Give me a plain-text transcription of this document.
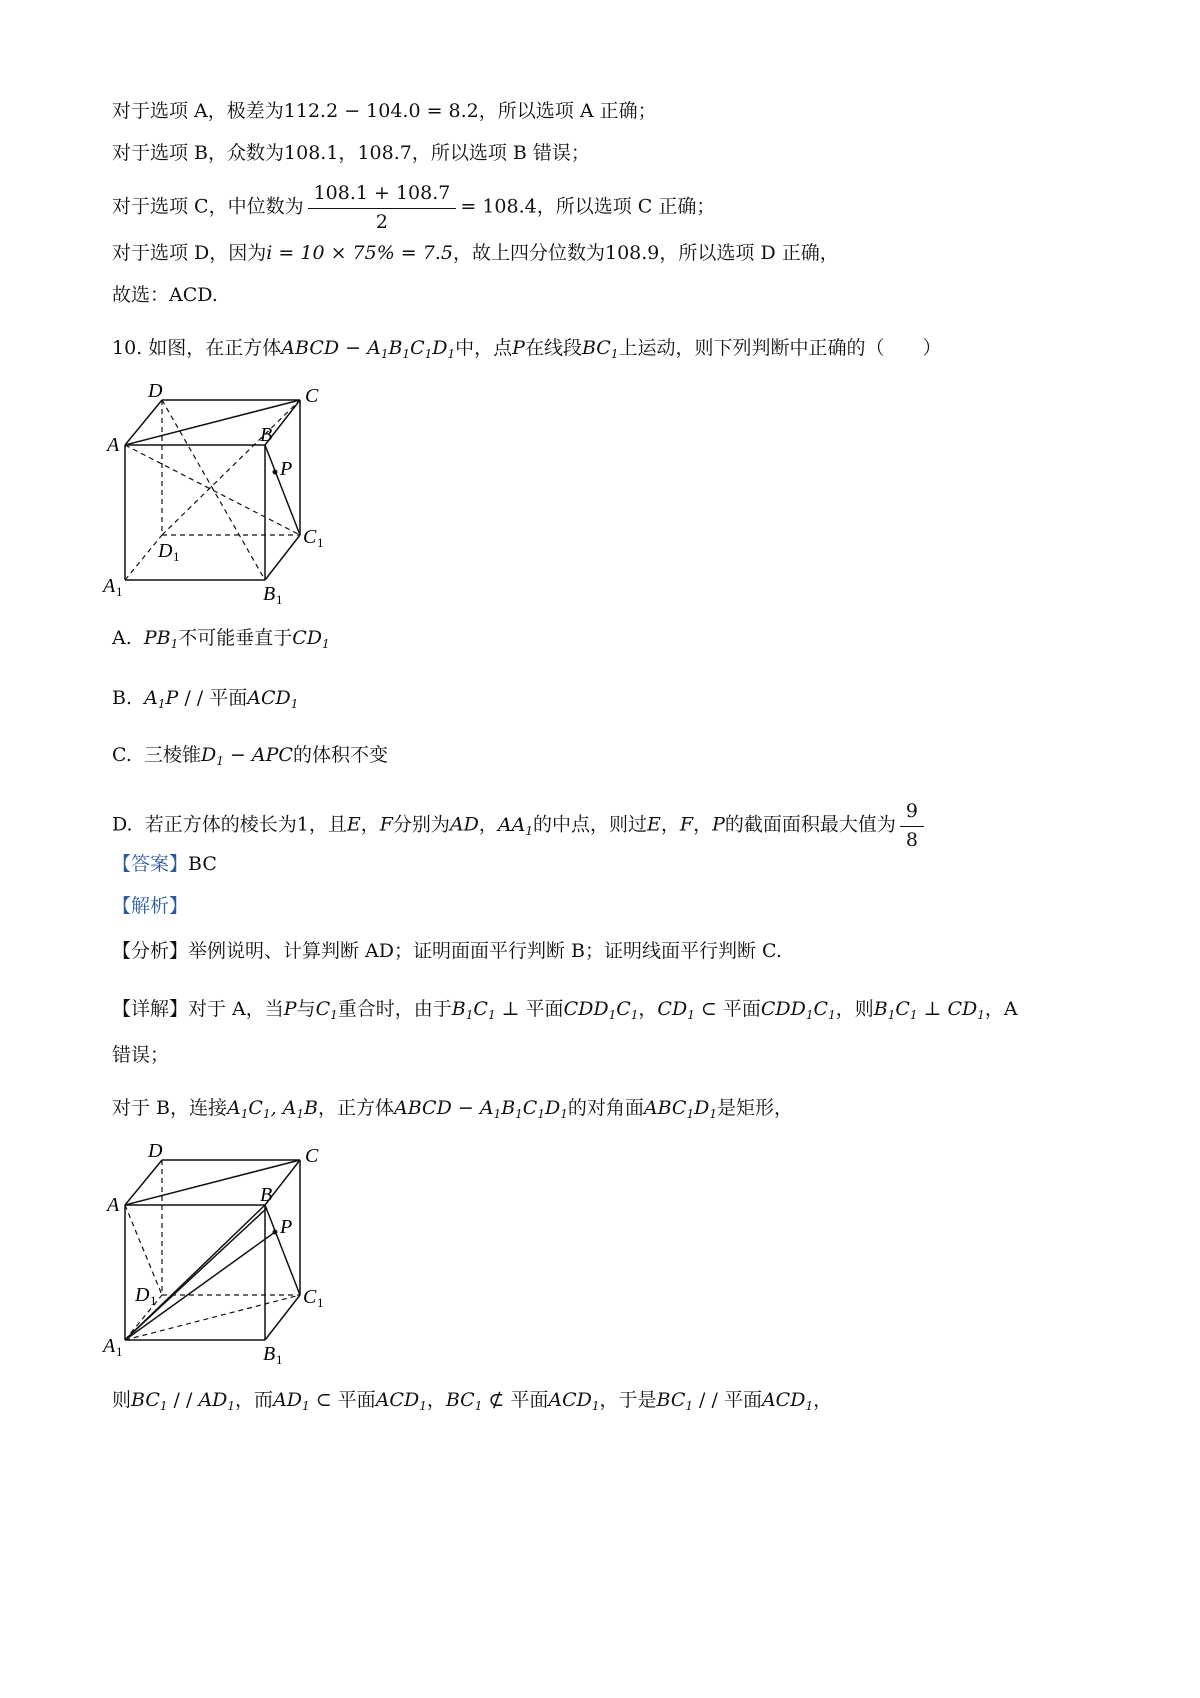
对于选项 A，极差为112.2 − 104.0 = 8.2，所以选项 A 正确；
对于选项 B，众数为108.1，108.7，所以选项 B 错误；
对于选项 C，中位数为 $\frac{108.1 + 108.7}{2} = 108.4$，所以选项 C 正确；
对于选项 D，因为i = 10 × 75% = 7.5，故上四分位数为108.9，所以选项 D 正确，
故选：ACD.
10. 如图，在正方体ABCD − $A_1B_1C_1D_1$中，点P在线段$BC_1$上运动，则下列判断中正确的（　　）
D	C
A	B
P
D 1
C 1
A 1	B 1
A. $PB_1$不可能垂直于$CD_1$
B. $A_1P$ / / 平面$ACD_1$
C. 三棱锥$D_1$ − APC的体积不变
D. 若正方体的棱长为1，且E，F分别为AD，$AA_1$的中点，则过E，F，P的截面面积最大值为 $\frac{9}{8}$
【答案】BC
【解析】
【分析】举例说明、计算判断 AD；证明面面平行判断 B；证明线面平行判断 C.
【详解】对于 A，当P与$C_1$重合时，由于$B_1C_1$ ⊥ 平面$CDD_1C_1$，$CD_1$ ⊂ 平面$CDD_1C_1$，则$B_1C_1$ ⊥ $CD_1$，A
错误；
对于 B，连接$A_1C_1$, $A_1B$，正方体ABCD − $A_1B_1C_1D_1$的对角面$ABC_1D_1$是矩形，
D	C
A	B
P
D 1	C 1
A 1	B 1
则$BC_1$ / / $AD_1$，而$AD_1$ ⊂ 平面$ACD_1$，$BC_1$ ⊄ 平面$ACD_1$，于是$BC_1$ / / 平面$ACD_1$，
